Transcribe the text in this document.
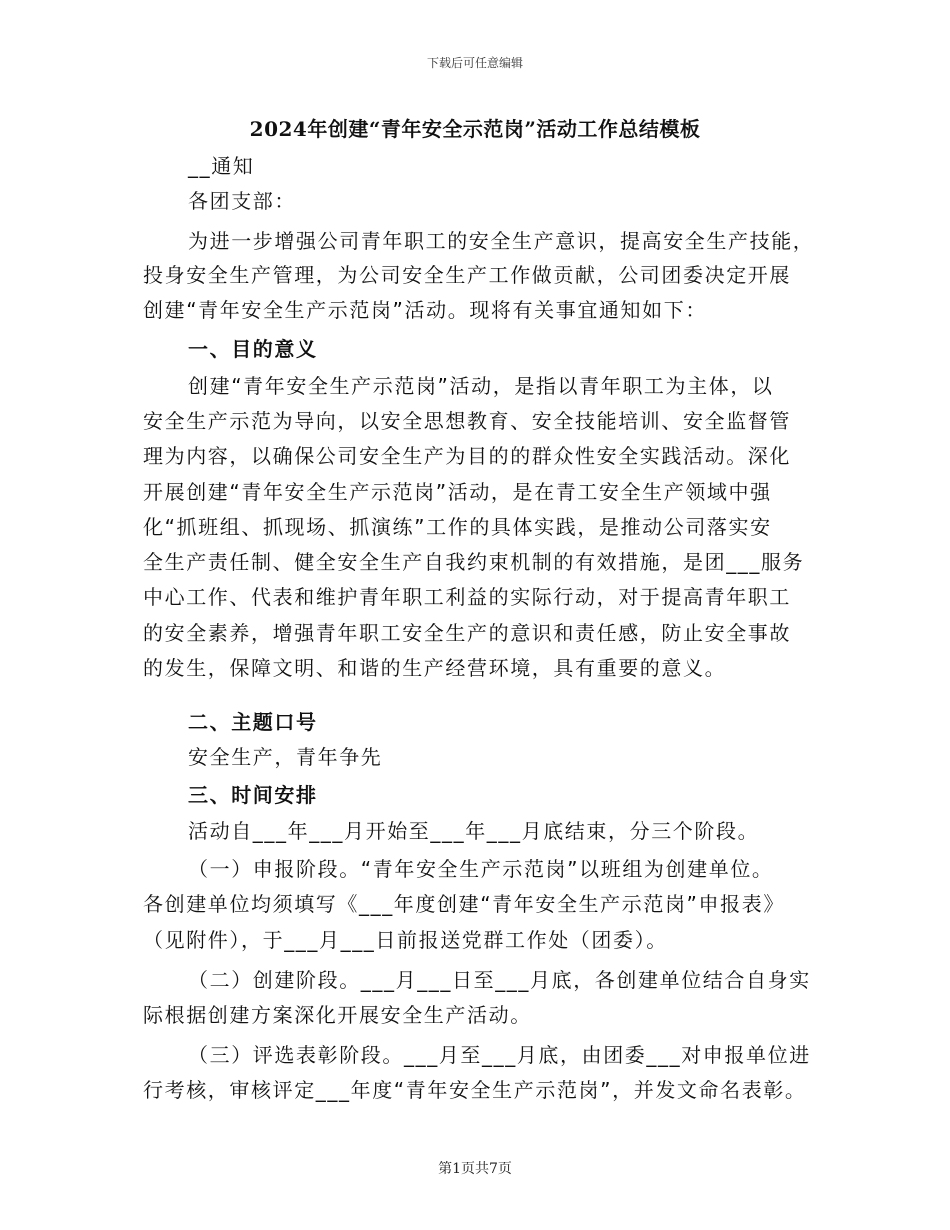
下载后可任意编辑
2024年创建“青年安全示范岗”活动工作总结模板
__通知
各团支部：
为进一步增强公司青年职工的安全生产意识，提高安全生产技能，
投身安全生产管理，为公司安全生产工作做贡献，公司团委决定开展
创建“青年安全生产示范岗”活动。现将有关事宜通知如下：
一、目的意义
创建“青年安全生产示范岗”活动，是指以青年职工为主体，以
安全生产示范为导向，以安全思想教育、安全技能培训、安全监督管
理为内容，以确保公司安全生产为目的的群众性安全实践活动。深化
开展创建“青年安全生产示范岗”活动，是在青工安全生产领域中强
化“抓班组、抓现场、抓演练”工作的具体实践，是推动公司落实安
全生产责任制、健全安全生产自我约束机制的有效措施，是团___服务
中心工作、代表和维护青年职工利益的实际行动，对于提高青年职工
的安全素养，增强青年职工安全生产的意识和责任感，防止安全事故
的发生，保障文明、和谐的生产经营环境，具有重要的意义。
二、主题口号
安全生产，青年争先
三、时间安排
活动自___年___月开始至___年___月底结束，分三个阶段。
（一）申报阶段。“青年安全生产示范岗”以班组为创建单位。
各创建单位均须填写《___年度创建“青年安全生产示范岗”申报表》
（见附件），于___月___日前报送党群工作处（团委）。
（二）创建阶段。___月___日至___月底，各创建单位结合自身实
际根据创建方案深化开展安全生产活动。
（三）评选表彰阶段。___月至___月底，由团委___对申报单位进
行考核，审核评定___年度“青年安全生产示范岗”，并发文命名表彰。
第1页共7页
